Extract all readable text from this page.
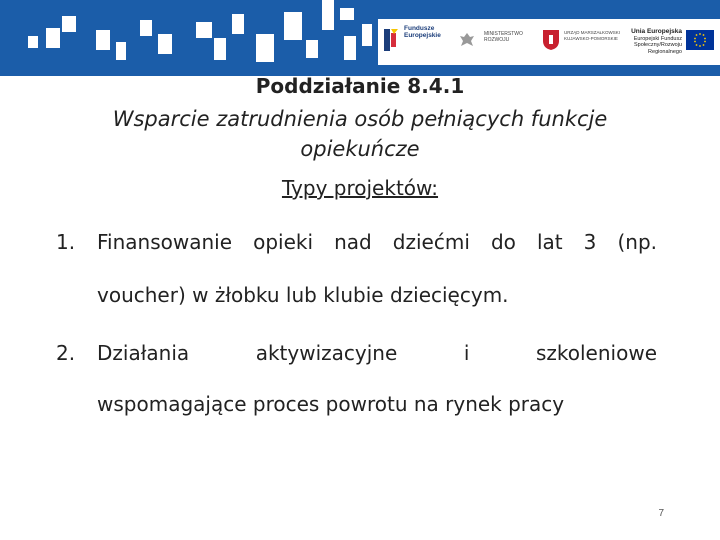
Fundusze
Europejskie	MINISTERSTWO
ROZWOJU
URZĄD MARSZAŁKOWSKI
KUJAWSKO-POMORSKIE
Unia Europejska
Europejski Fundusz
Społeczny/Rozwoju Regionalnego
Poddziałanie 8.4.1
Wsparcie zatrudnienia osób pełniących funkcje opiekuńcze
Typy projektów:
1. Finansowanie opieki nad dziećmi do lat 3 (np.
voucher) w żłobku lub klubie dziecięcym.
2. Działania aktywizacyjne i szkoleniowe
wspomagające proces powrotu na rynek pracy
7
